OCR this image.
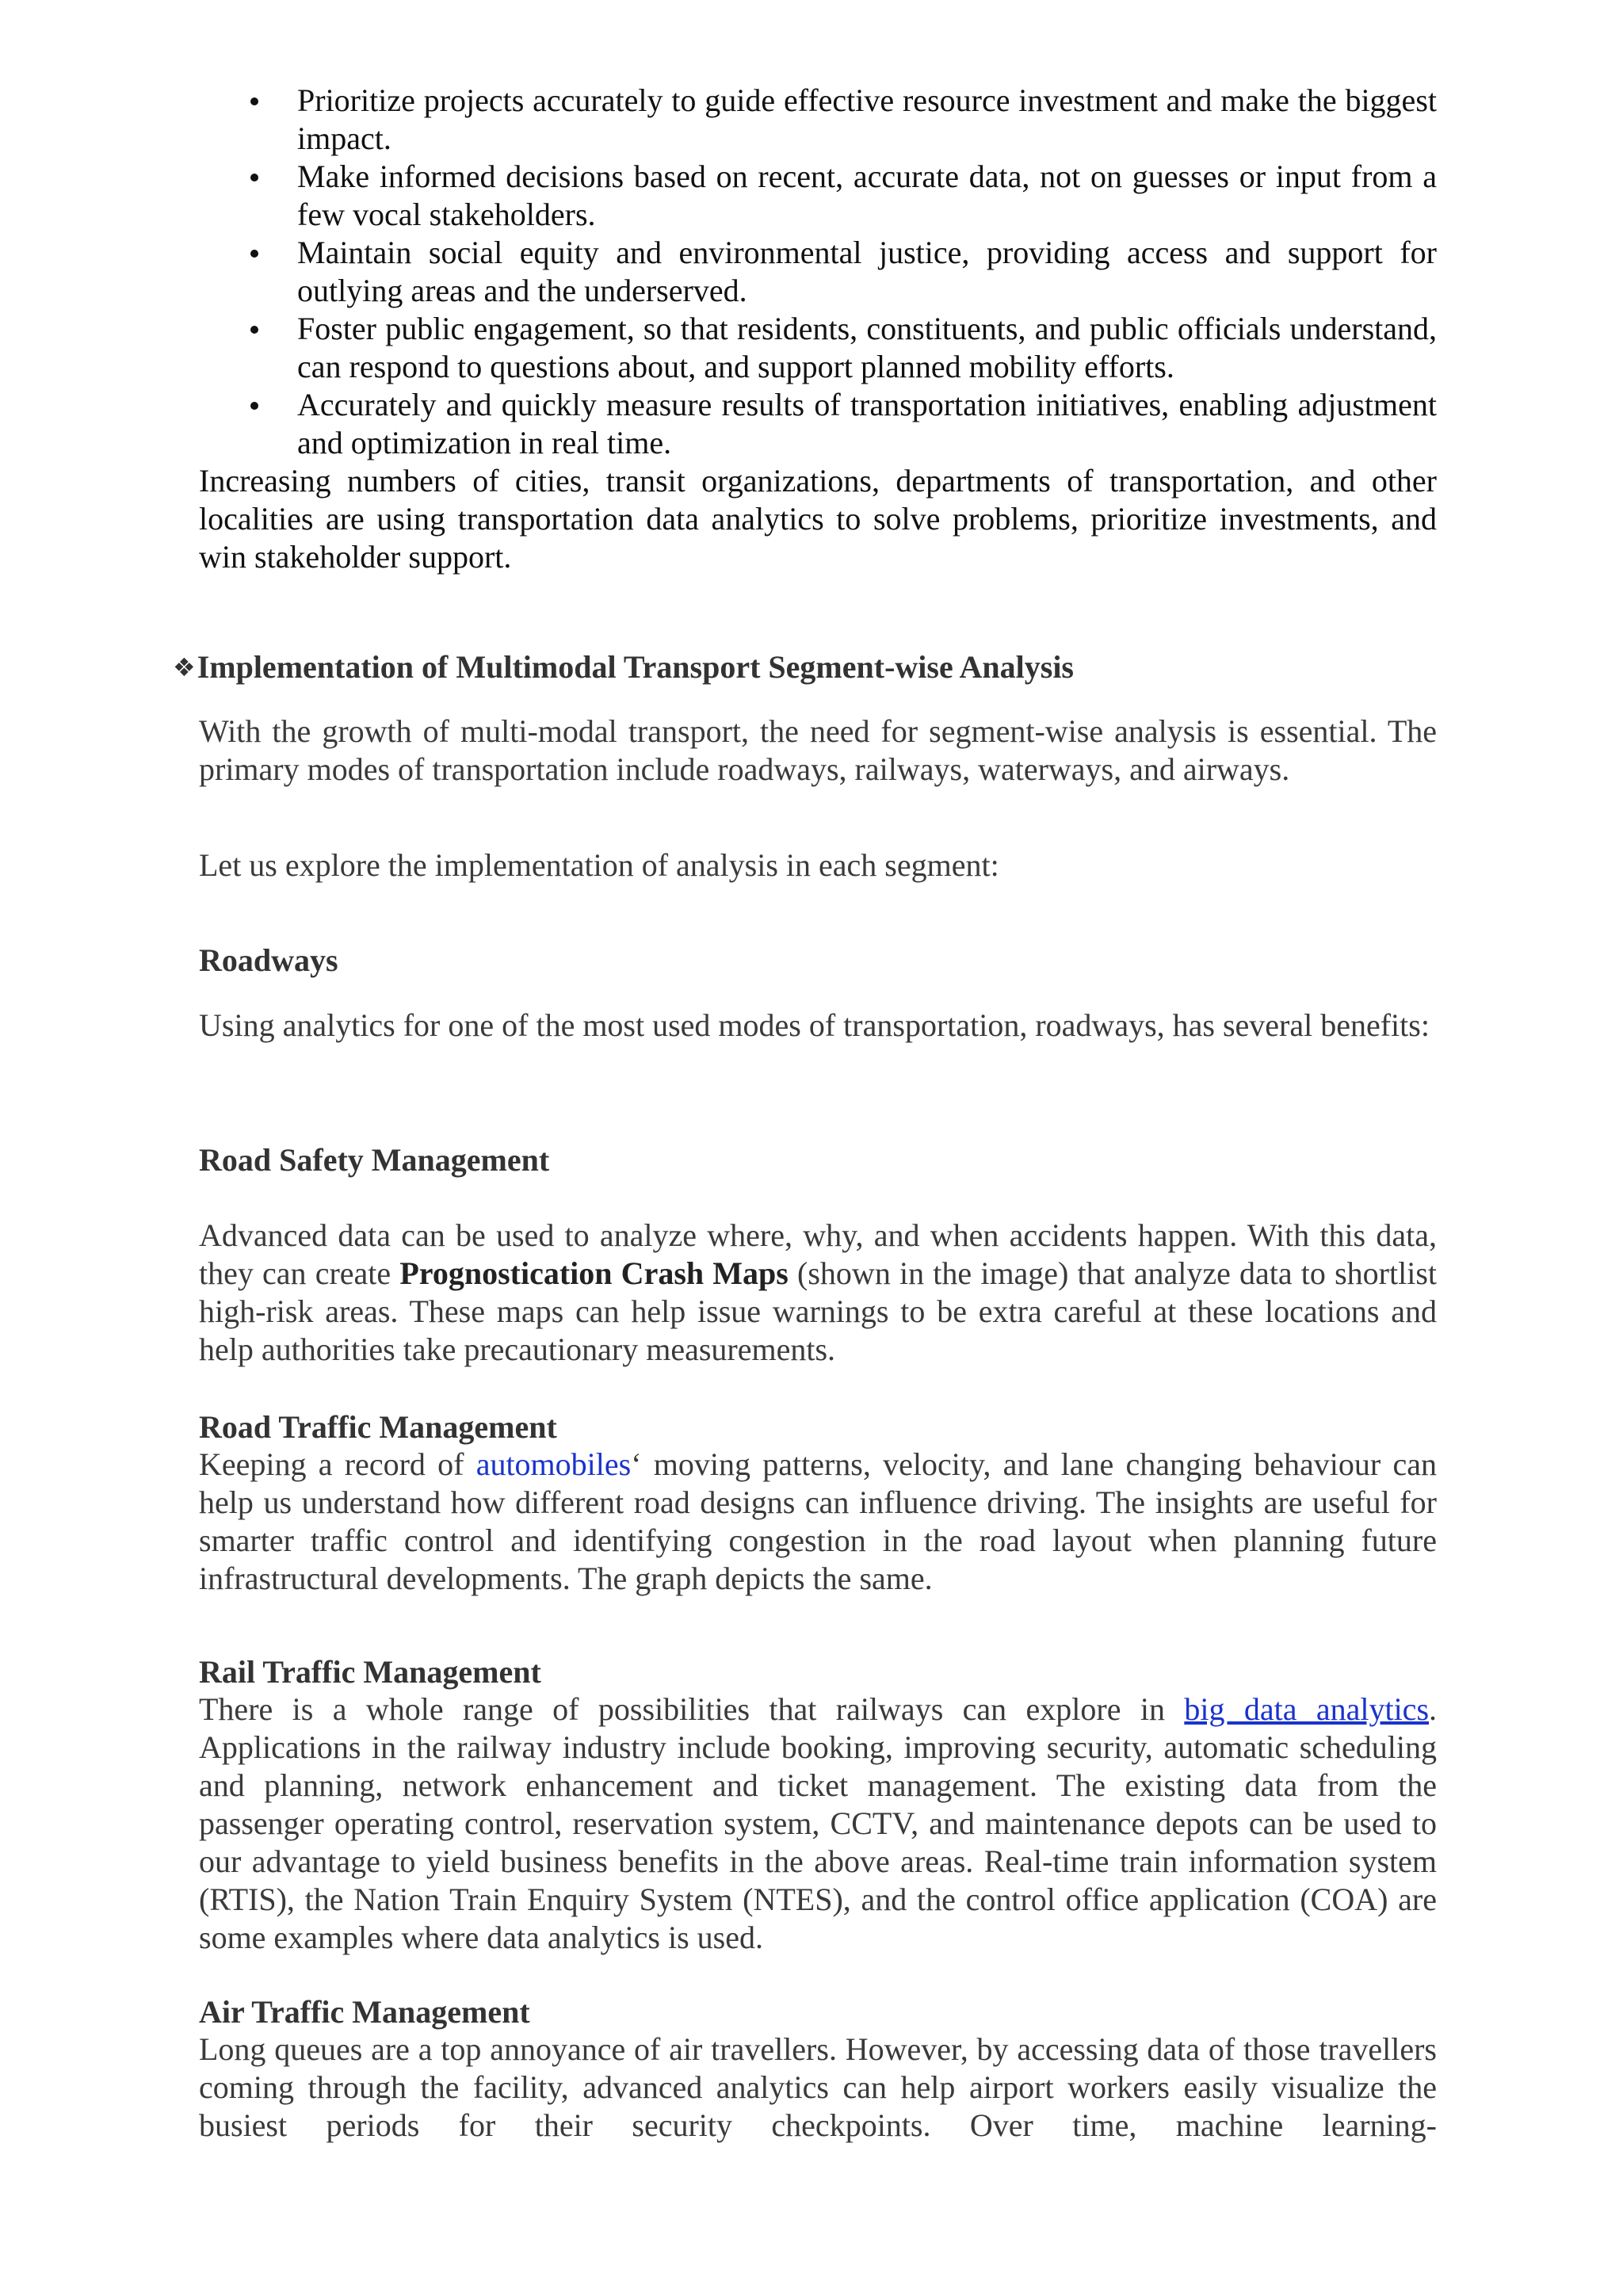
Prioritize projects accurately to guide effective resource investment and make the biggest impact.
Make informed decisions based on recent, accurate data, not on guesses or input from a few vocal stakeholders.
Maintain social equity and environmental justice, providing access and support for outlying areas and the underserved.
Foster public engagement, so that residents, constituents, and public officials understand, can respond to questions about, and support planned mobility efforts.
Accurately and quickly measure results of transportation initiatives, enabling adjustment and optimization in real time.

Increasing numbers of cities, transit organizations, departments of transportation, and other localities are using transportation data analytics to solve problems, prioritize investments, and win stakeholder support.

❖Implementation of Multimodal Transport Segment-wise Analysis

With the growth of multi-modal transport, the need for segment-wise analysis is essential. The primary modes of transportation include roadways, railways, waterways, and airways.

Let us explore the implementation of analysis in each segment:

Roadways

Using analytics for one of the most used modes of transportation, roadways, has several benefits:

Road Safety Management

Advanced data can be used to analyze where, why, and when accidents happen. With this data, they can create Prognostication Crash Maps (shown in the image) that analyze data to shortlist high-risk areas. These maps can help issue warnings to be extra careful at these locations and help authorities take precautionary measurements.

Road Traffic Management

Keeping a record of automobiles‘ moving patterns, velocity, and lane changing behaviour can help us understand how different road designs can influence driving. The insights are useful for smarter traffic control and identifying congestion in the road layout when planning future infrastructural developments. The graph depicts the same.

Rail Traffic Management

There is a whole range of possibilities that railways can explore in big data analytics. Applications in the railway industry include booking, improving security, automatic scheduling and planning, network enhancement and ticket management. The existing data from the passenger operating control, reservation system, CCTV, and maintenance depots can be used to our advantage to yield business benefits in the above areas. Real-time train information system (RTIS), the Nation Train Enquiry System (NTES), and the control office application (COA) are some examples where data analytics is used.

Air Traffic Management

Long queues are a top annoyance of air travellers. However, by accessing data of those travellers coming through the facility, advanced analytics can help airport workers easily visualize the busiest periods for their security checkpoints. Over time, machine learning-
